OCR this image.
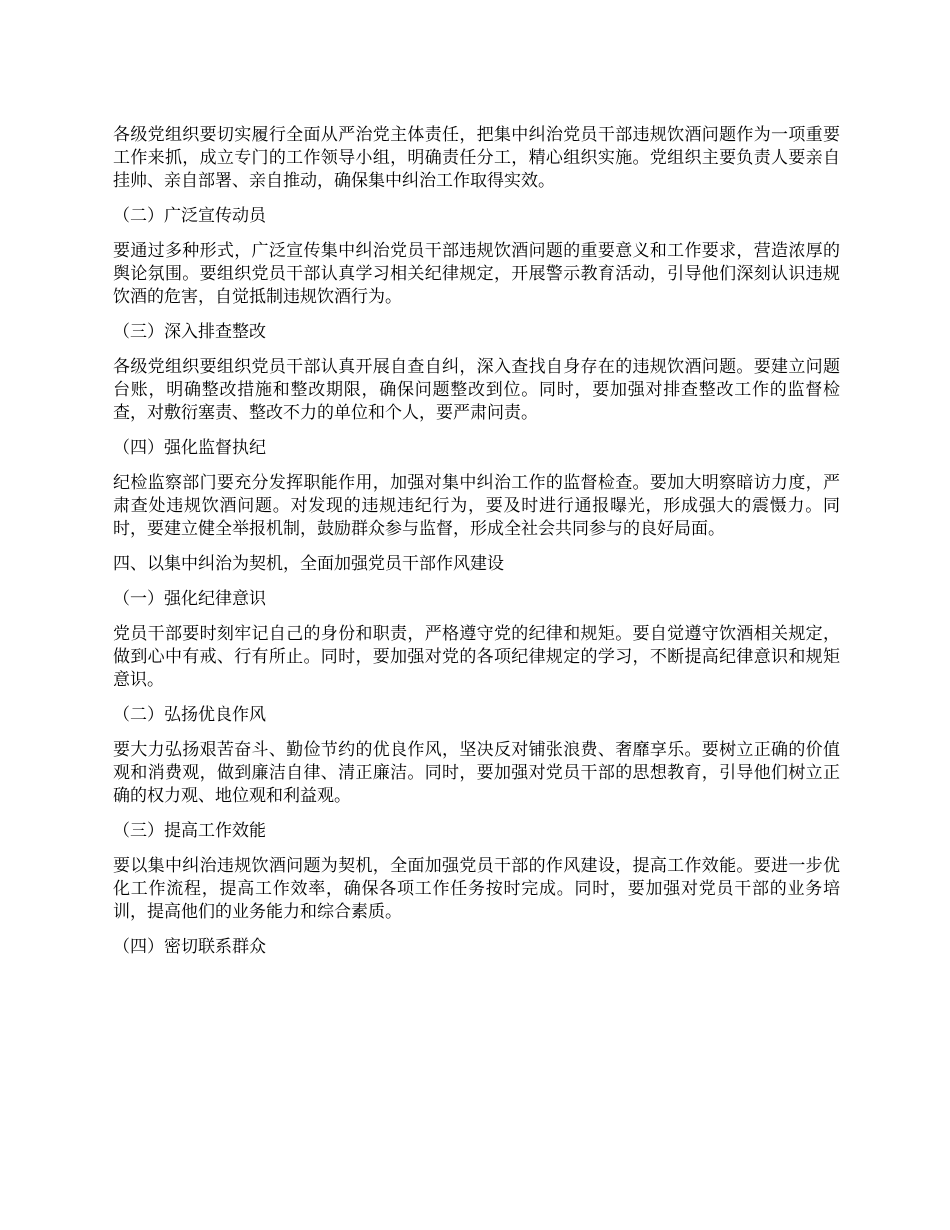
各级党组织要切实履行全面从严治党主体责任，把集中纠治党员干部违规饮酒问题作为一项重要工作来抓，成立专门的工作领导小组，明确责任分工，精心组织实施。党组织主要负责人要亲自挂帅、亲自部署、亲自推动，确保集中纠治工作取得实效。

（二）广泛宣传动员

要通过多种形式，广泛宣传集中纠治党员干部违规饮酒问题的重要意义和工作要求，营造浓厚的舆论氛围。要组织党员干部认真学习相关纪律规定，开展警示教育活动，引导他们深刻认识违规饮酒的危害，自觉抵制违规饮酒行为。

（三）深入排查整改

各级党组织要组织党员干部认真开展自查自纠，深入查找自身存在的违规饮酒问题。要建立问题台账，明确整改措施和整改期限，确保问题整改到位。同时，要加强对排查整改工作的监督检查，对敷衍塞责、整改不力的单位和个人，要严肃问责。

（四）强化监督执纪

纪检监察部门要充分发挥职能作用，加强对集中纠治工作的监督检查。要加大明察暗访力度，严肃查处违规饮酒问题。对发现的违规违纪行为，要及时进行通报曝光，形成强大的震慑力。同时，要建立健全举报机制，鼓励群众参与监督，形成全社会共同参与的良好局面。

四、以集中纠治为契机，全面加强党员干部作风建设

（一）强化纪律意识

党员干部要时刻牢记自己的身份和职责，严格遵守党的纪律和规矩。要自觉遵守饮酒相关规定，做到心中有戒、行有所止。同时，要加强对党的各项纪律规定的学习，不断提高纪律意识和规矩意识。

（二）弘扬优良作风

要大力弘扬艰苦奋斗、勤俭节约的优良作风，坚决反对铺张浪费、奢靡享乐。要树立正确的价值观和消费观，做到廉洁自律、清正廉洁。同时，要加强对党员干部的思想教育，引导他们树立正确的权力观、地位观和利益观。

（三）提高工作效能

要以集中纠治违规饮酒问题为契机，全面加强党员干部的作风建设，提高工作效能。要进一步优化工作流程，提高工作效率，确保各项工作任务按时完成。同时，要加强对党员干部的业务培训，提高他们的业务能力和综合素质。

（四）密切联系群众
